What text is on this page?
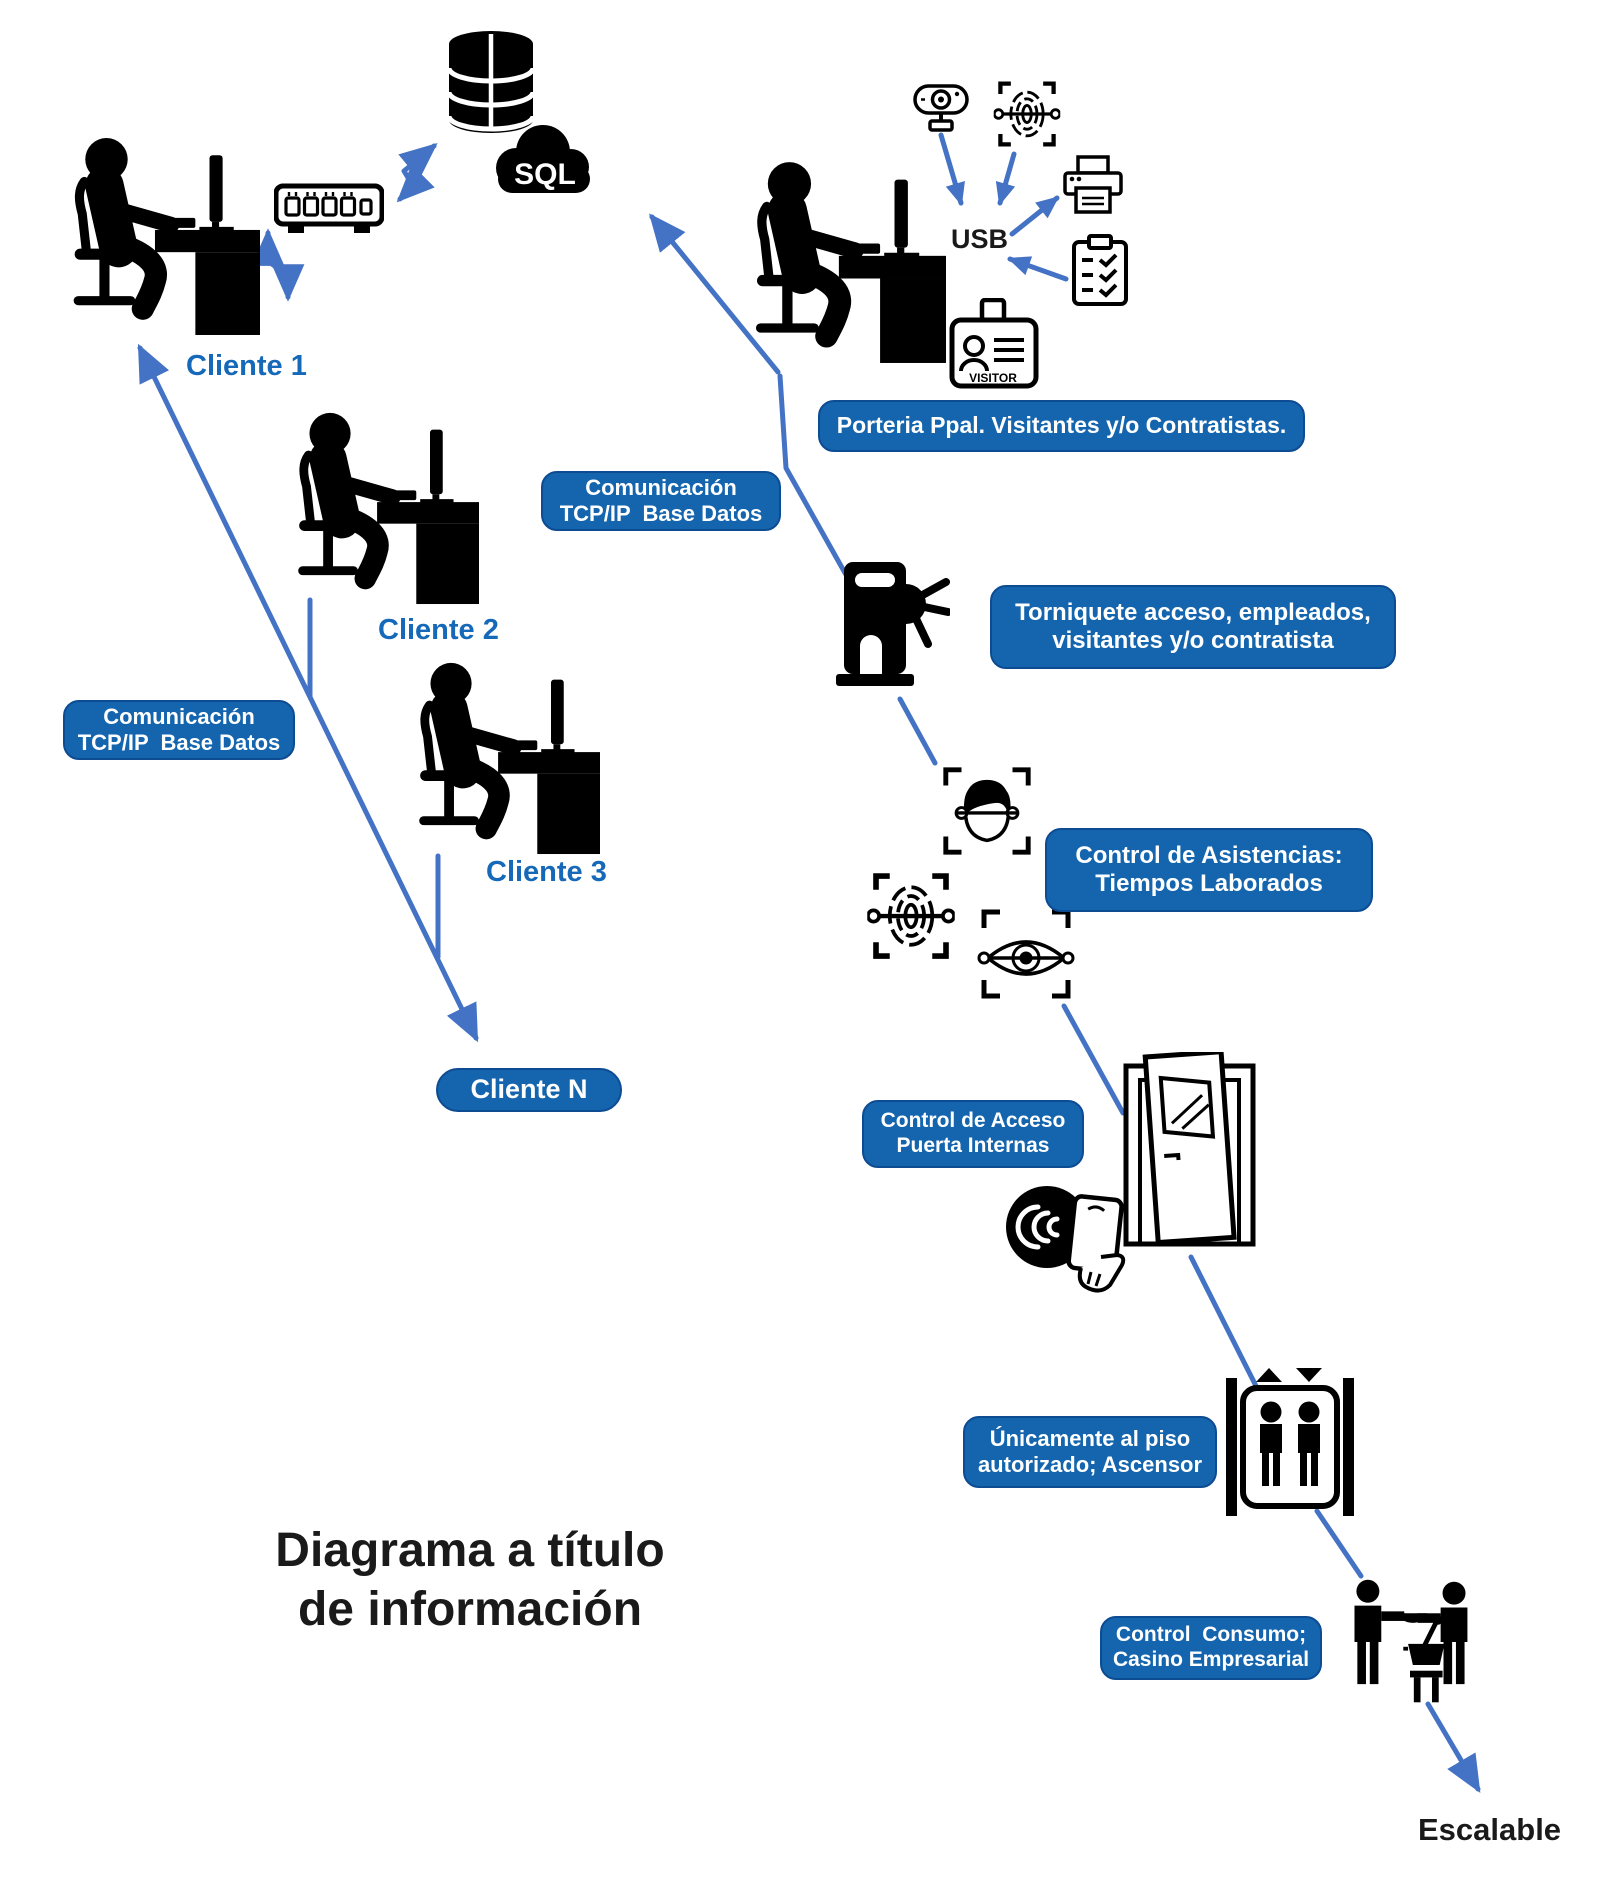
Cliente 1
SQL
USB
VISITOR
Porteria Ppal. Visitantes y/o Contratistas.
Comunicación
TCP/IP  Base Datos
Comunicación
TCP/IP  Base Datos
Cliente 2
Cliente 3
Cliente N
Torniquete acceso, empleados,
visitantes y/o contratista
Control de Asistencias:
Tiempos Laborados
Control de Acceso
Puerta Internas
Únicamente al piso
autorizado; Ascensor
Control  Consumo;
Casino Empresarial
Escalable
Diagrama a título
de información
